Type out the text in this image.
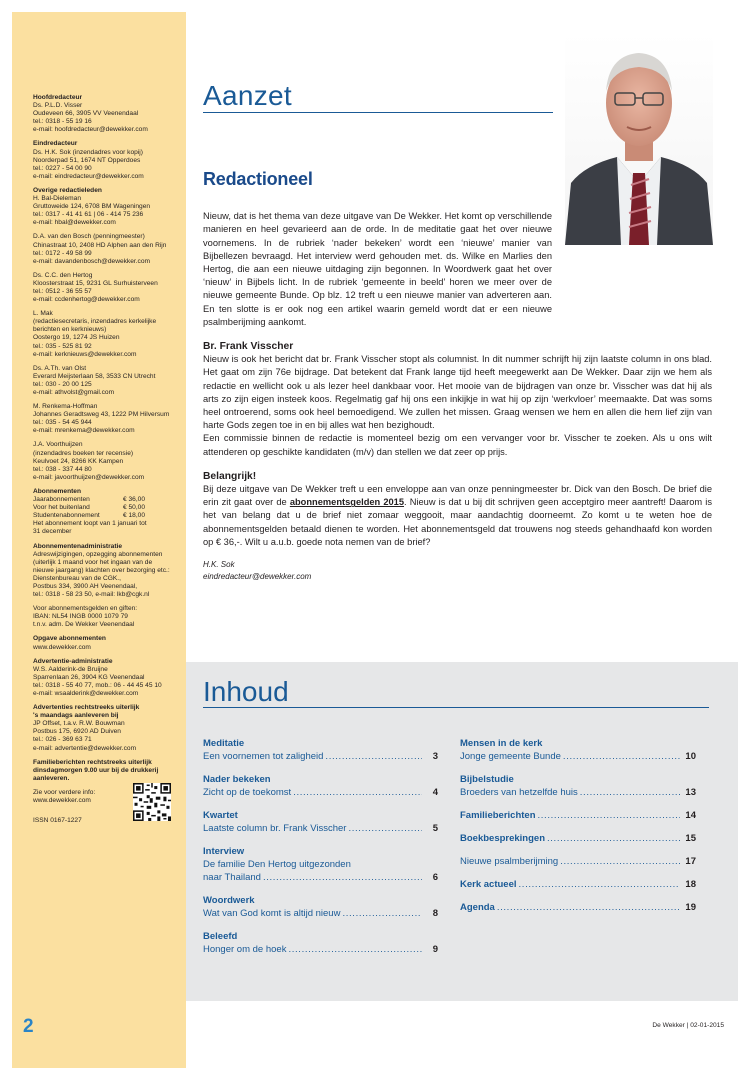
Hoofdredacteur
Ds. P.L.D. Visser
Oudeveen 66, 3905 VV Veenendaal
tel.: 0318 - 55 19 16
e-mail: hoofdredacteur@dewekker.com
Eindredacteur
Ds. H.K. Sok (inzendadres voor kopij)
Noorderpad 51, 1674 NT Opperdoes
tel.: 0227 - 54 00 90
e-mail: eindredacteur@dewekker.com
Overige redactieleden
H. Bal-Dieleman
Gruttoweide 124, 6708 BM Wageningen
tel.: 0317 - 41 41 61 | 06 - 414 75 236
e-mail: hbal@dewekker.com
D.A. van den Bosch (penningmeester)
Chinastraat 10, 2408 HD Alphen aan den Rijn
tel.: 0172 - 49 58 99
e-mail: davandenbosch@dewekker.com
Ds. C.C. den Hertog
Kloosterstraat 15, 9231 GL Surhuisterveen
tel.: 0512 - 36 55 57
e-mail: ccdenhertog@dewekker.com
L. Mak
(redactiesecretaris, inzendadres kerkelijke
berichten en kerknieuws)
Oostergo 19, 1274 JS Huizen
tel.: 035 - 525 81 92
e-mail: kerknieuws@dewekker.com
Ds. A.Th. van Olst
Everard Meijsterlaan 58, 3533 CN Utrecht
tel.: 030 - 20 00 125
e-mail: athvolst@gmail.com
M. Renkema-Hoffman
Johannes Geradtsweg 43, 1222 PM Hilversum
tel.: 035 - 54 45 944
e-mail: mrenkema@dewekker.com
J.A. Voorthuijzen
(inzendadres boeken ter recensie)
Keulvoet 24, 8266 KK Kampen
tel.: 038 - 337 44 80
e-mail: javoorthuijzen@dewekker.com
Abonnementen
Jaarabonnementen	€ 36,00
Voor het buitenland	€ 50,00
Studentenabonnement	€ 18,00
Het abonnement loopt van 1 januari tot
31 december
Abonnementenadministratie
Adreswijzigingen, opzegging abonnementen
(uiterlijk 1 maand voor het ingaan van de
nieuwe jaargang) klachten over bezorging etc.:
Dienstenbureau van de CGK.,
Postbus 334, 3900 AH Veenendaal,
tel.: 0318 - 58 23 50, e-mail: lkb@cgk.nl
Voor abonnementsgelden en giften:
IBAN: NL54 INGB 0000 1079 79
t.n.v. adm. De Wekker Veenendaal
Opgave abonnementen
www.dewekker.com
Advertentie-administratie
W.S. Aalderink-de Bruijne
Sparrenlaan 26, 3904 KG Veenendaal
tel.: 0318 - 55 40 77, mob.: 06 - 44 45 45 10
e-mail: wsaalderink@dewekker.com
Advertenties rechtstreeks uiterlijk
's maandags aanleveren bij
JP Offset, t.a.v. R.W. Bouwman
Postbus 175, 6920 AD Duiven
tel.: 026 - 369 63 71
e-mail: advertentie@dewekker.com
Familieberichten rechtstreeks uiterlijk
dinsdagmorgen 9.00 uur bij de drukkerij
aanleveren.
Zie voor verdere info:
www.dewekker.com
ISSN 0167-1227
2
Aanzet
Redactioneel

Nieuw, dat is het thema van deze uitgave van De Wekker. Het komt op verschillende manieren en heel gevarieerd aan de orde. In de meditatie gaat het over nieuwe voornemens. In de rubriek ‘nader bekeken’ wordt een ‘nieuwe’ manier van Bijbellezen bevraagd. Het interview werd gehouden met. ds. Wilke en Marlies den Hertog, die aan een nieuwe uitdaging zijn begonnen. In Woordwerk gaat het over ‘nieuw’ in Bijbels licht. In de rubriek ‘gemeente in beeld’ horen we meer over de nieuwe gemeente Bunde. Op blz. 12 treft u een nieuwe manier van adverteren aan. En ten slotte is er ook nog een artikel waarin gemeld wordt dat er een nieuwe psalmberijming aankomt.

Br. Frank Visscher

Nieuw is ook het bericht dat br. Frank Visscher stopt als columnist. In dit nummer schrijft hij zijn laatste column in ons blad. Het gaat om zijn 76e bijdrage. Dat betekent dat Frank lange tijd heeft meegewerkt aan De Wekker. Daar zijn we hem als redactie en wellicht ook u als lezer heel dankbaar voor. Het mooie van de bijdragen van onze br. Visscher was dat hij als arts zo zijn eigen insteek koos. Regelmatig gaf hij ons een inkijkje in wat hij op zijn ‘werkvloer’ meemaakte. Dat was soms heel ontroerend, soms ook heel bemoedigend. We zullen het missen. Graag wensen we hem en allen die hem lief zijn van harte Gods zegen toe in en bij alles wat hen bezighoudt.

Een commissie binnen de redactie is momenteel bezig om een vervanger voor br. Visscher te zoeken. Als u ons wilt attenderen op geschikte kandidaten (m/v) dan stellen we dat zeer op prijs.

Belangrijk!

Bij deze uitgave van De Wekker treft u een enveloppe aan van onze penningmeester br. Dick van den Bosch. De brief die erin zit gaat over de abonnementsgelden 2015. Nieuw is dat u bij dit schrijven geen acceptgiro meer aantreft! Daarom is het van belang dat u de brief niet zomaar weggooit, maar aandachtig doorneemt. Zo komt u te weten hoe de abonnementsgelden betaald dienen te worden. Het abonnementsgeld dat trouwens nog steeds gehandhaafd kon worden op € 36,-. Wilt u a.u.b. goede nota nemen van de brief?

H.K. Sok
eindredacteur@dewekker.com
Inhoud
Meditatie
Een voornemen tot zaligheid . . .	3
Nader bekeken
Zicht op de toekomst . . .	4
Kwartet
Laatste column br. Frank Visscher . . .	5
Interview
De familie Den Hertog uitgezonden
naar Thailand . . .	6
Woordwerk
Wat van God komt is altijd nieuw . . .	8
Beleefd
Honger om de hoek . . .	9
Mensen in de kerk
Jonge gemeente Bunde . . .	10
Bijbelstudie
Broeders van hetzelfde huis . . .	13
Familieberichten . . .	14
Boekbesprekingen . . .	15
Nieuwe psalmberijming . . .	17
Kerk actueel . . .	18
Agenda . . .	19
De Wekker | 02-01-2015
